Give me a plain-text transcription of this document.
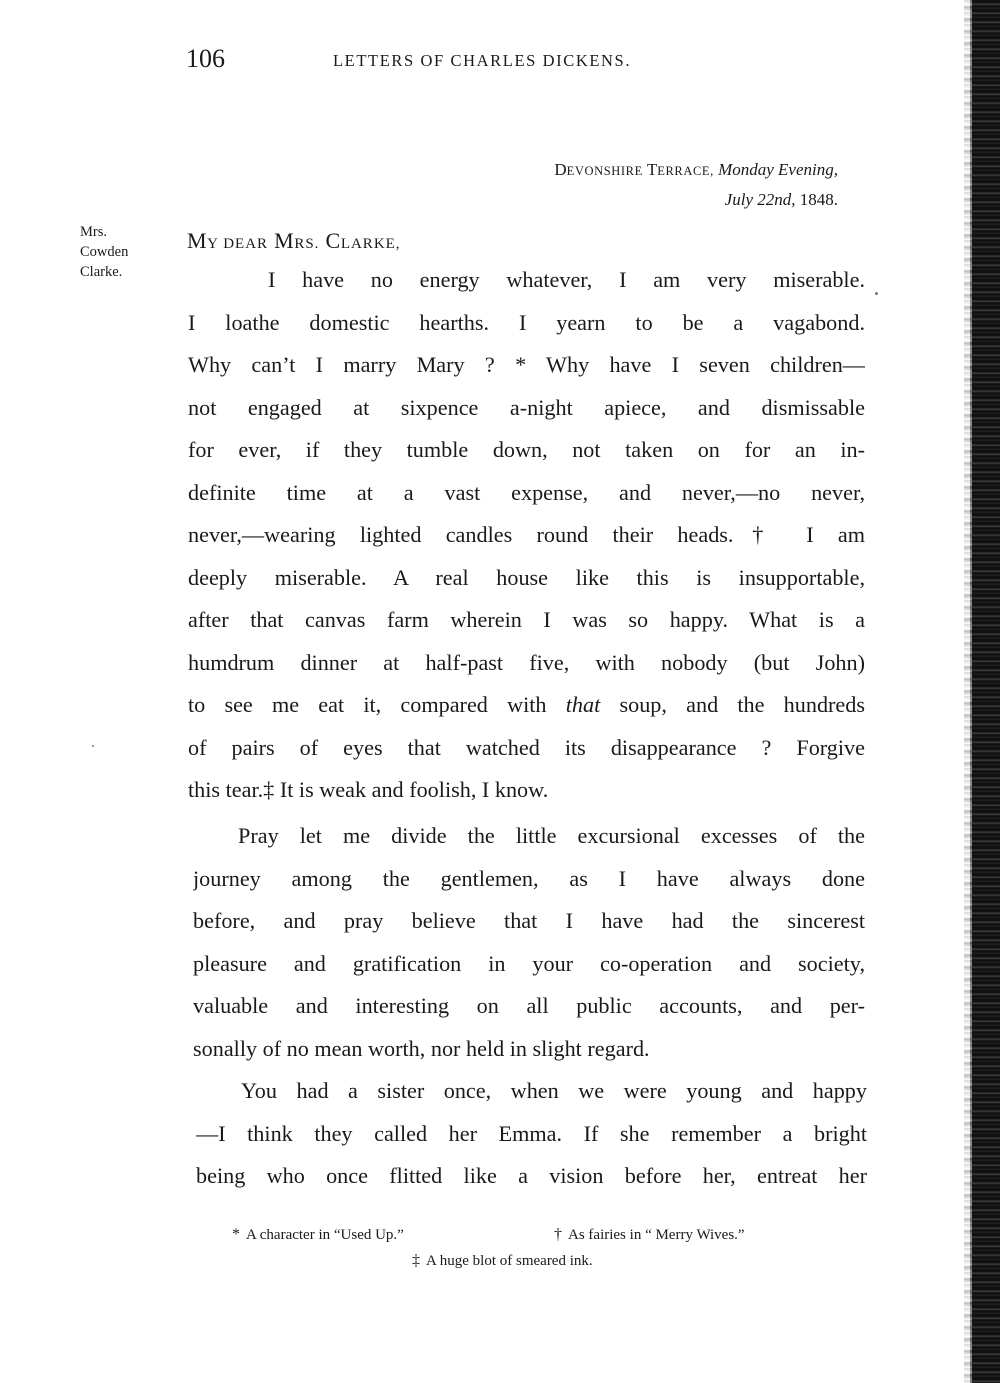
106	LETTERS OF CHARLES DICKENS.
DEVONSHIRE TERRACE, Monday Evening,
July 22nd, 1848.
Mrs.
Cowden
Clarke.
MY DEAR MRS. CLARKE,
I have no energy whatever, I am very miserable.
I loathe domestic hearths. I yearn to be a vagabond.
Why can’t I marry Mary ? * Why have I seven children—
not engaged at sixpence a-night apiece, and dismissable
for ever, if they tumble down, not taken on for an in-
definite time at a vast expense, and never,—no never,
never,—wearing lighted candles round their heads.† I am
deeply miserable. A real house like this is insupportable,
after that canvas farm wherein I was so happy. What is a
humdrum dinner at half-past five, with nobody (but John)
to see me eat it, compared with that soup, and the hundreds
of pairs of eyes that watched its disappearance ? Forgive
this tear.‡ It is weak and foolish, I know.
Pray let me divide the little excursional excesses of the
journey among the gentlemen, as I have always done
before, and pray believe that I have had the sincerest
pleasure and gratification in your co-operation and society,
valuable and interesting on all public accounts, and per-
sonally of no mean worth, nor held in slight regard.
You had a sister once, when we were young and happy
—I think they called her Emma. If she remember a bright
being who once flitted like a vision before her, entreat her
* A character in “Used Up.”	† As fairies in “ Merry Wives.”
‡ A huge blot of smeared ink.
